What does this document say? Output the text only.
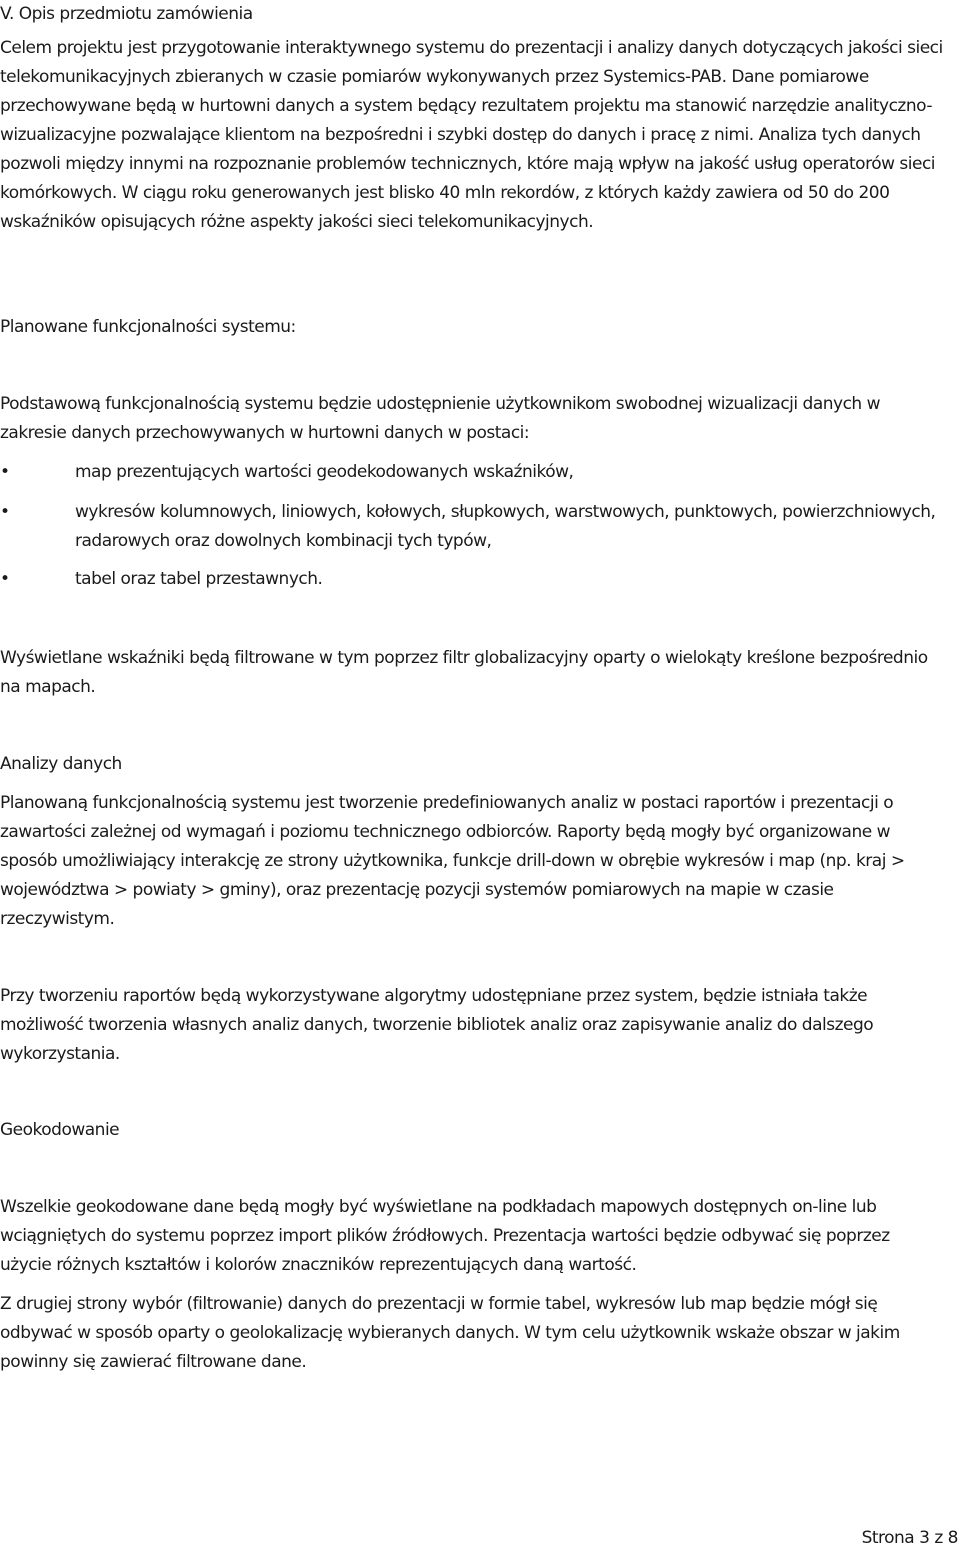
V. Opis przedmiotu zamówienia

Celem projektu jest przygotowanie interaktywnego systemu do prezentacji i analizy danych dotyczących jakości sieci telekomunikacyjnych zbieranych w czasie pomiarów wykonywanych przez Systemics-PAB. Dane pomiarowe przechowywane będą w hurtowni danych a system będący rezultatem projektu ma stanowić narzędzie analityczno-wizualizacyjne pozwalające klientom na bezpośredni i szybki dostęp do danych i pracę z nimi. Analiza tych danych pozwoli między innymi na rozpoznanie problemów technicznych, które mają wpływ na jakość usług operatorów sieci komórkowych. W ciągu roku generowanych jest blisko 40 mln rekordów, z których każdy zawiera od 50 do 200 wskaźników opisujących różne aspekty jakości sieci telekomunikacyjnych.

Planowane funkcjonalności systemu:

Podstawową funkcjonalnością systemu będzie udostępnienie użytkownikom swobodnej wizualizacji danych w zakresie danych przechowywanych w hurtowni danych w postaci:

•	map prezentujących wartości geodekodowanych wskaźników,
•	wykresów kolumnowych, liniowych, kołowych, słupkowych, warstwowych, punktowych, powierzchniowych, radarowych oraz dowolnych kombinacji tych typów,
•	tabel oraz tabel przestawnych.

Wyświetlane wskaźniki będą filtrowane w tym poprzez filtr globalizacyjny oparty o wielokąty kreślone bezpośrednio na mapach.

Analizy danych

Planowaną funkcjonalnością systemu jest tworzenie predefiniowanych analiz w postaci raportów i prezentacji o zawartości zależnej od wymagań i poziomu technicznego odbiorców. Raporty będą mogły być organizowane w sposób umożliwiający interakcję ze strony użytkownika, funkcje drill-down w obrębie wykresów i map (np. kraj > województwa > powiaty > gminy), oraz prezentację pozycji systemów pomiarowych na mapie w czasie rzeczywistym.

Przy tworzeniu raportów będą wykorzystywane algorytmy udostępniane przez system, będzie istniała także możliwość tworzenia własnych analiz danych, tworzenie bibliotek analiz oraz zapisywanie analiz do dalszego wykorzystania.

Geokodowanie

Wszelkie geokodowane dane będą mogły być wyświetlane na podkładach mapowych dostępnych on-line lub wciągniętych do systemu poprzez import plików źródłowych. Prezentacja wartości będzie odbywać się poprzez użycie różnych kształtów i kolorów znaczników reprezentujących daną wartość.

Z drugiej strony wybór (filtrowanie) danych do prezentacji w formie tabel, wykresów lub map będzie mógł się odbywać w sposób oparty o geolokalizację wybieranych danych. W tym celu użytkownik wskaże obszar w jakim powinny się zawierać filtrowane dane.

Strona 3 z 8
